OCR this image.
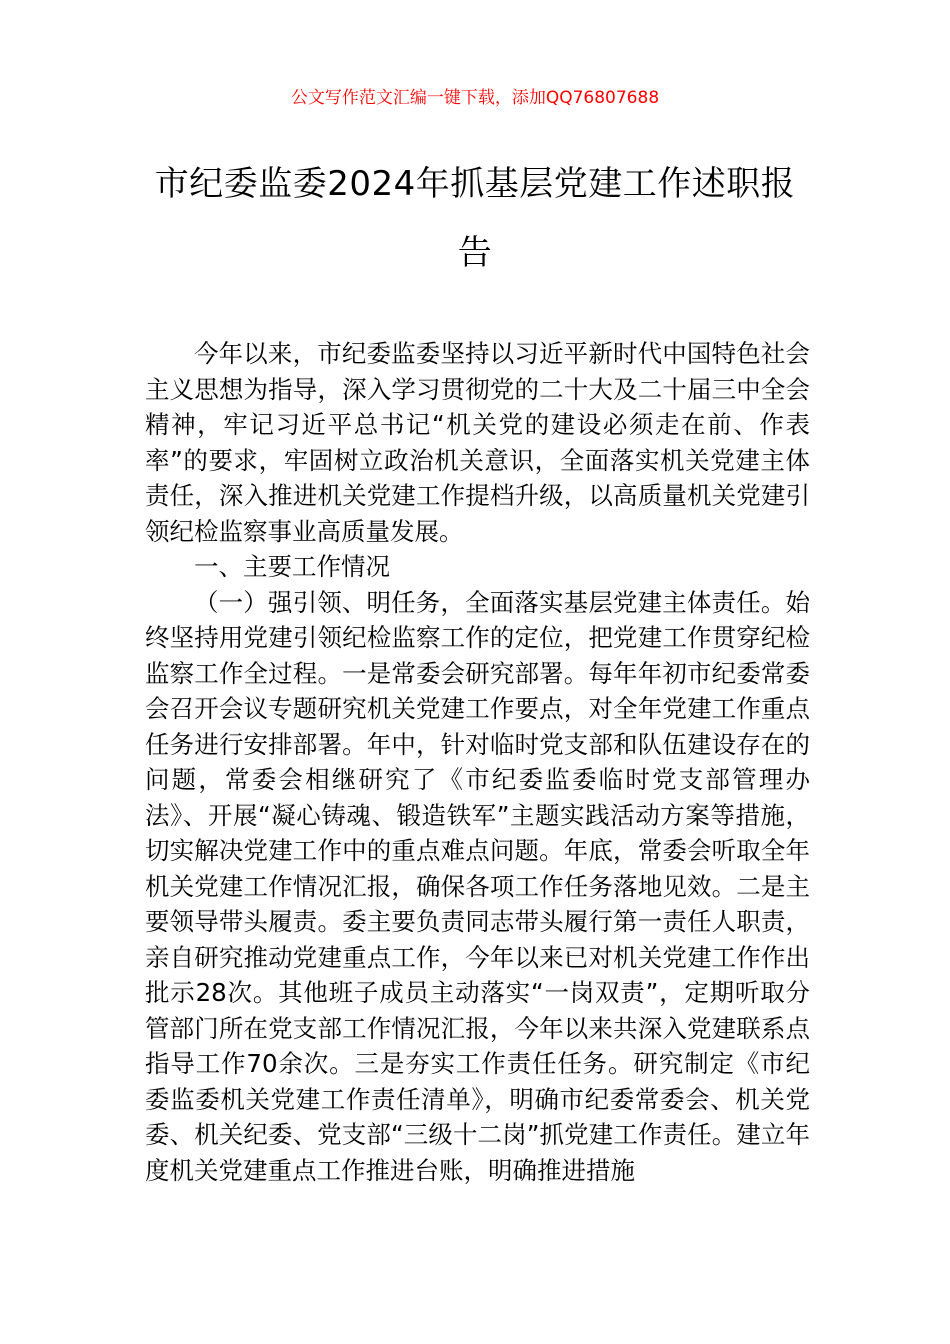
公文写作范文汇编一键下载，添加QQ76807688
市纪委监委2024年抓基层党建工作述职报告

今年以来，市纪委监委坚持以习近平新时代中国特色社会主义思想为指导，深入学习贯彻党的二十大及二十届三中全会精神，牢记习近平总书记“机关党的建设必须走在前、作表率”的要求，牢固树立政治机关意识，全面落实机关党建主体责任，深入推进机关党建工作提档升级，以高质量机关党建引领纪检监察事业高质量发展。

一、主要工作情况

（一）强引领、明任务，全面落实基层党建主体责任。始终坚持用党建引领纪检监察工作的定位，把党建工作贯穿纪检监察工作全过程。一是常委会研究部署。每年年初市纪委常委会召开会议专题研究机关党建工作要点，对全年党建工作重点任务进行安排部署。年中，针对临时党支部和队伍建设存在的问题，常委会相继研究了《市纪委监委临时党支部管理办法》、开展“凝心铸魂、锻造铁军”主题实践活动方案等措施，切实解决党建工作中的重点难点问题。年底，常委会听取全年机关党建工作情况汇报，确保各项工作任务落地见效。二是主要领导带头履责。委主要负责同志带头履行第一责任人职责，亲自研究推动党建重点工作，今年以来已对机关党建工作作出批示28次。其他班子成员主动落实“一岗双责”，定期听取分管部门所在党支部工作情况汇报，今年以来共深入党建联系点指导工作70余次。三是夯实工作责任任务。研究制定《市纪委监委机关党建工作责任清单》，明确市纪委常委会、机关党委、机关纪委、党支部“三级十二岗”抓党建工作责任。建立年度机关党建重点工作推进台账，明确推进措施
